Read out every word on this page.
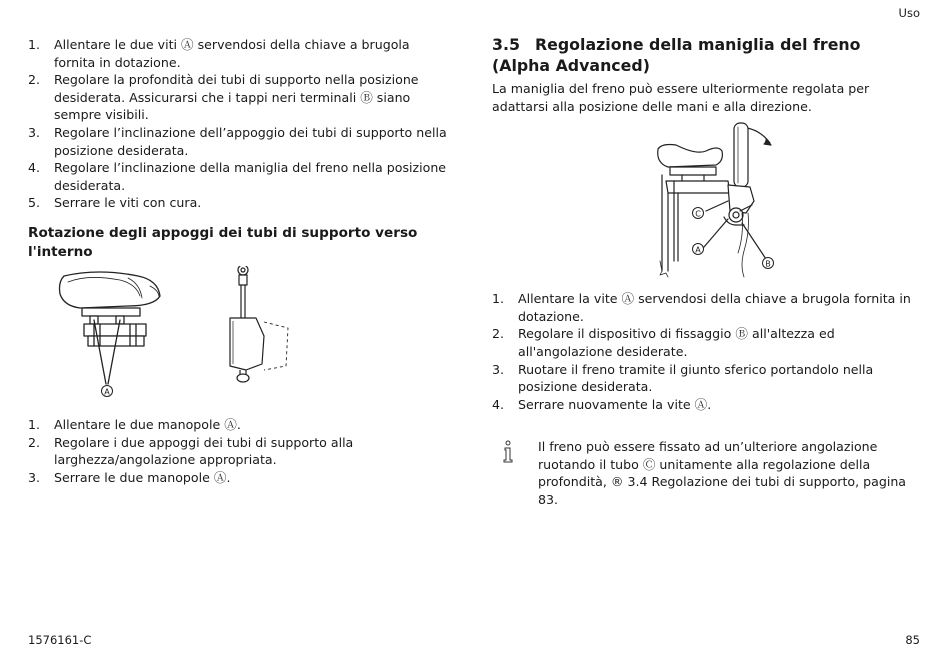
Uso
1. Allentare le due viti Ⓐ servendosi della chiave a brugola fornita in dotazione.
2. Regolare la profondità dei tubi di supporto nella posizione desiderata. Assicurarsi che i tappi neri terminali Ⓑ siano sempre visibili.
3. Regolare l’inclinazione dell’appoggio dei tubi di supporto nella posizione desiderata.
4. Regolare l’inclinazione della maniglia del freno nella posizione desiderata.
5. Serrare le viti con cura.
Rotazione degli appoggi dei tubi di supporto verso l'interno
A
1. Allentare le due manopole Ⓐ.
2. Regolare i due appoggi dei tubi di supporto alla larghezza/angolazione appropriata.
3. Serrare le due manopole Ⓐ.
3.5 Regolazione della maniglia del freno (Alpha Advanced)

La maniglia del freno può essere ulteriormente regolata per adattarsi alla posizione delle mani e alla direzione.

C
A
B
1. Allentare la vite Ⓐ servendosi della chiave a brugola fornita in dotazione.
2. Regolare il dispositivo di fissaggio Ⓑ all'altezza ed all'angolazione desiderate.
3. Ruotare il freno tramite il giunto sferico portandolo nella posizione desiderata.
4. Serrare nuovamente la vite Ⓐ.
Il freno può essere fissato ad un’ulteriore angolazione ruotando il tubo Ⓒ unitamente alla regolazione della profondità, ® 3.4 Regolazione dei tubi di supporto, pagina 83.
1576161-C	85
